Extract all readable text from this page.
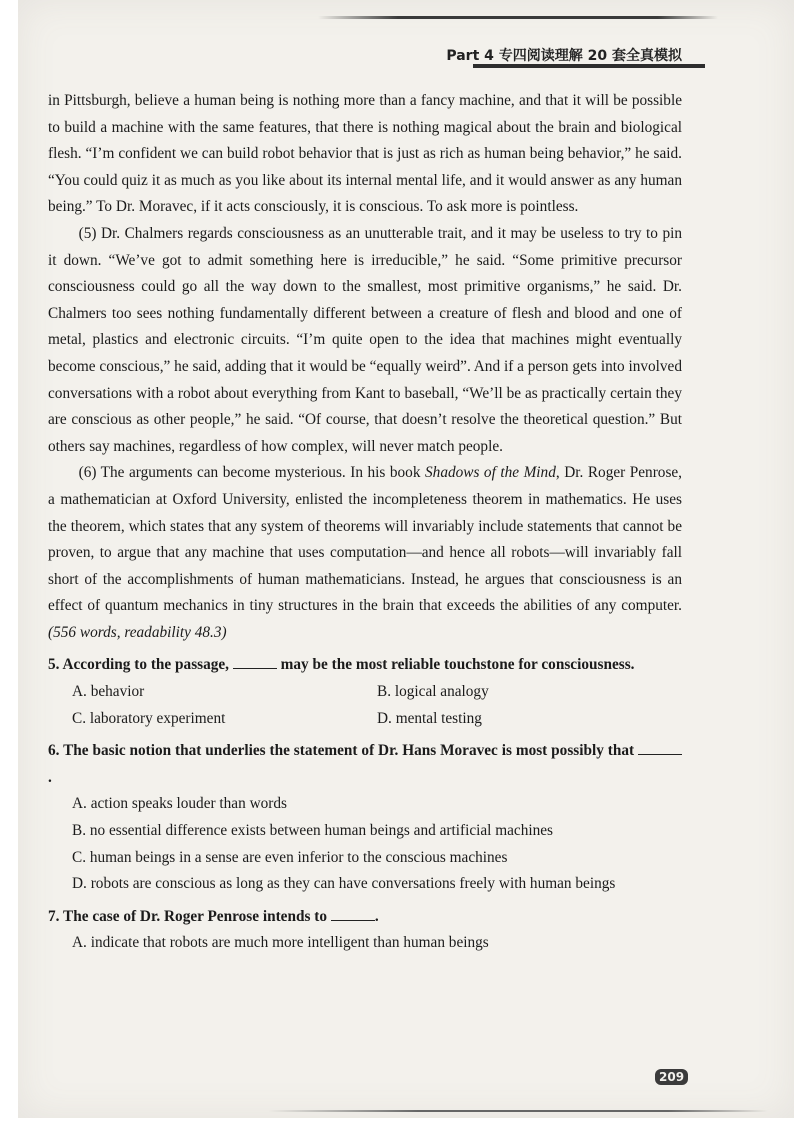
Part 4 专四阅读理解 20 套全真模拟

in Pittsburgh, believe a human being is nothing more than a fancy machine, and that it will be possible to build a machine with the same features, that there is nothing magical about the brain and biological flesh. “I’m confident we can build robot behavior that is just as rich as human being behavior,” he said. “You could quiz it as much as you like about its internal mental life, and it would answer as any human being.” To Dr. Moravec, if it acts consciously, it is conscious. To ask more is pointless.

(5) Dr. Chalmers regards consciousness as an unutterable trait, and it may be useless to try to pin it down. “We’ve got to admit something here is irreducible,” he said. “Some primitive precursor consciousness could go all the way down to the smallest, most primitive organisms,” he said. Dr. Chalmers too sees nothing fundamentally different between a creature of flesh and blood and one of metal, plastics and electronic circuits. “I’m quite open to the idea that machines might eventually become conscious,” he said, adding that it would be “equally weird”. And if a person gets into involved conversations with a robot about everything from Kant to baseball, “We’ll be as practically certain they are conscious as other people,” he said. “Of course, that doesn’t resolve the theoretical question.” But others say machines, regardless of how complex, will never match people.

(6) The arguments can become mysterious. In his book Shadows of the Mind, Dr. Roger Penrose, a mathematician at Oxford University, enlisted the incompleteness theorem in mathematics. He uses the theorem, which states that any system of theorems will invariably include statements that cannot be proven, to argue that any machine that uses computation—and hence all robots—will invariably fall short of the accomplishments of human mathematicians. Instead, he argues that consciousness is an effect of quantum mechanics in tiny structures in the brain that exceeds the abilities of any computer. (556 words, readability 48.3)

5. According to the passage,	may be the most reliable touchstone for consciousness.

A. behavior	B. logical analogy

C. laboratory experiment	D. mental testing

6. The basic notion that underlies the statement of Dr. Hans Moravec is most possibly that .

A. action speaks louder than words

B. no essential difference exists between human beings and artificial machines

C. human beings in a sense are even inferior to the conscious machines

D. robots are conscious as long as they can have conversations freely with human beings

7. The case of Dr. Roger Penrose intends to	.

A. indicate that robots are much more intelligent than human beings

209
